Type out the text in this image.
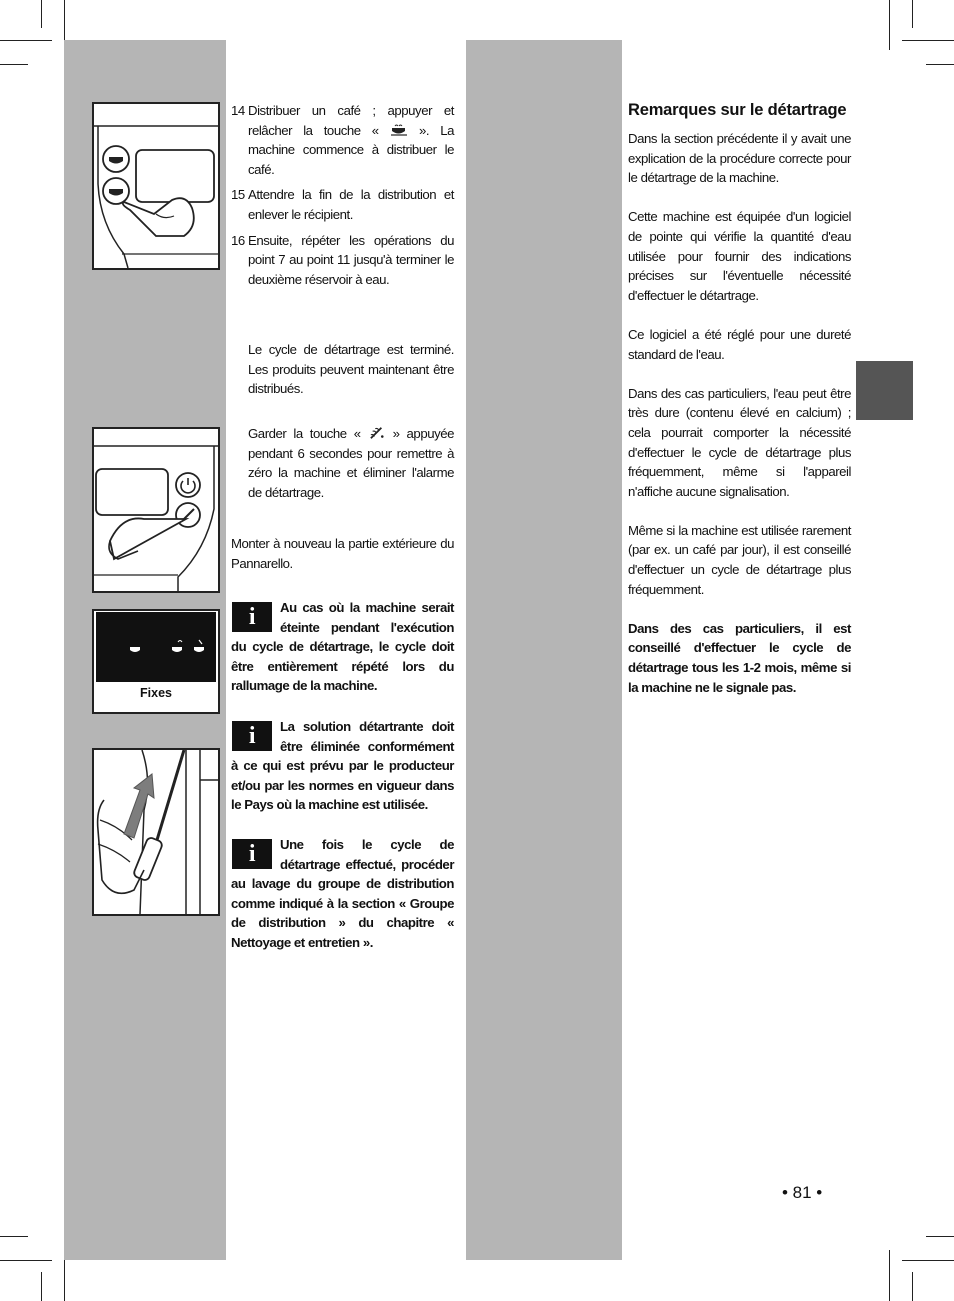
Fixes
14 Distribuer un café ; appuyer et relâcher la touche «  ». La machine commence à distribuer le café.
15 Attendre la fin de la distribution et enlever le récipient.
16 Ensuite, répéter les opérations du point 7 au point 11 jusqu'à terminer le deuxième réservoir à eau.
Le cycle de détartrage est terminé. Les produits peuvent maintenant être distribués.
Garder la touche «  » appuyée pendant 6 secondes pour remettre à zéro la machine et éliminer l'alarme de détartrage.
Monter à nouveau la partie extérieure du Pannarello.
i Au cas où la machine serait éteinte pendant l'exécution du cycle de détartrage, le cycle doit être entièrement répété lors du rallumage de la machine.
i La solution détartrante doit être éliminée conformément à ce qui est prévu par le producteur et/ou par les normes en vigueur dans le Pays où la machine est utilisée.
i Une fois le cycle de détartrage effectué, procéder au lavage du groupe de distribution comme indiqué à la section « Groupe de distribution » du chapitre « Nettoyage et entretien ».
Remarques sur le détartrage

Dans la section précédente il y avait une explication de la procédure correcte pour le détartrage de la machine.

Cette machine est équipée d'un logiciel de pointe qui vérifie la quantité d'eau utilisée pour fournir des indications précises sur l'éventuelle nécessité d'effectuer le détartrage.

Ce logiciel a été réglé pour une dureté standard de l'eau.

Dans des cas particuliers, l'eau peut être très dure (contenu élevé en calcium) ; cela pourrait comporter la nécessité d'effectuer le cycle de détartrage plus fréquemment, même si l'appareil n'affiche aucune signalisation.

Même si la machine est utilisée rarement (par ex. un café par jour), il est conseillé d'effectuer un cycle de détartrage plus fréquemment.

Dans des cas particuliers, il est conseillé d'effectuer le cycle de détartrage tous les 1-2 mois, même si la machine ne le signale pas.

• 81 •
